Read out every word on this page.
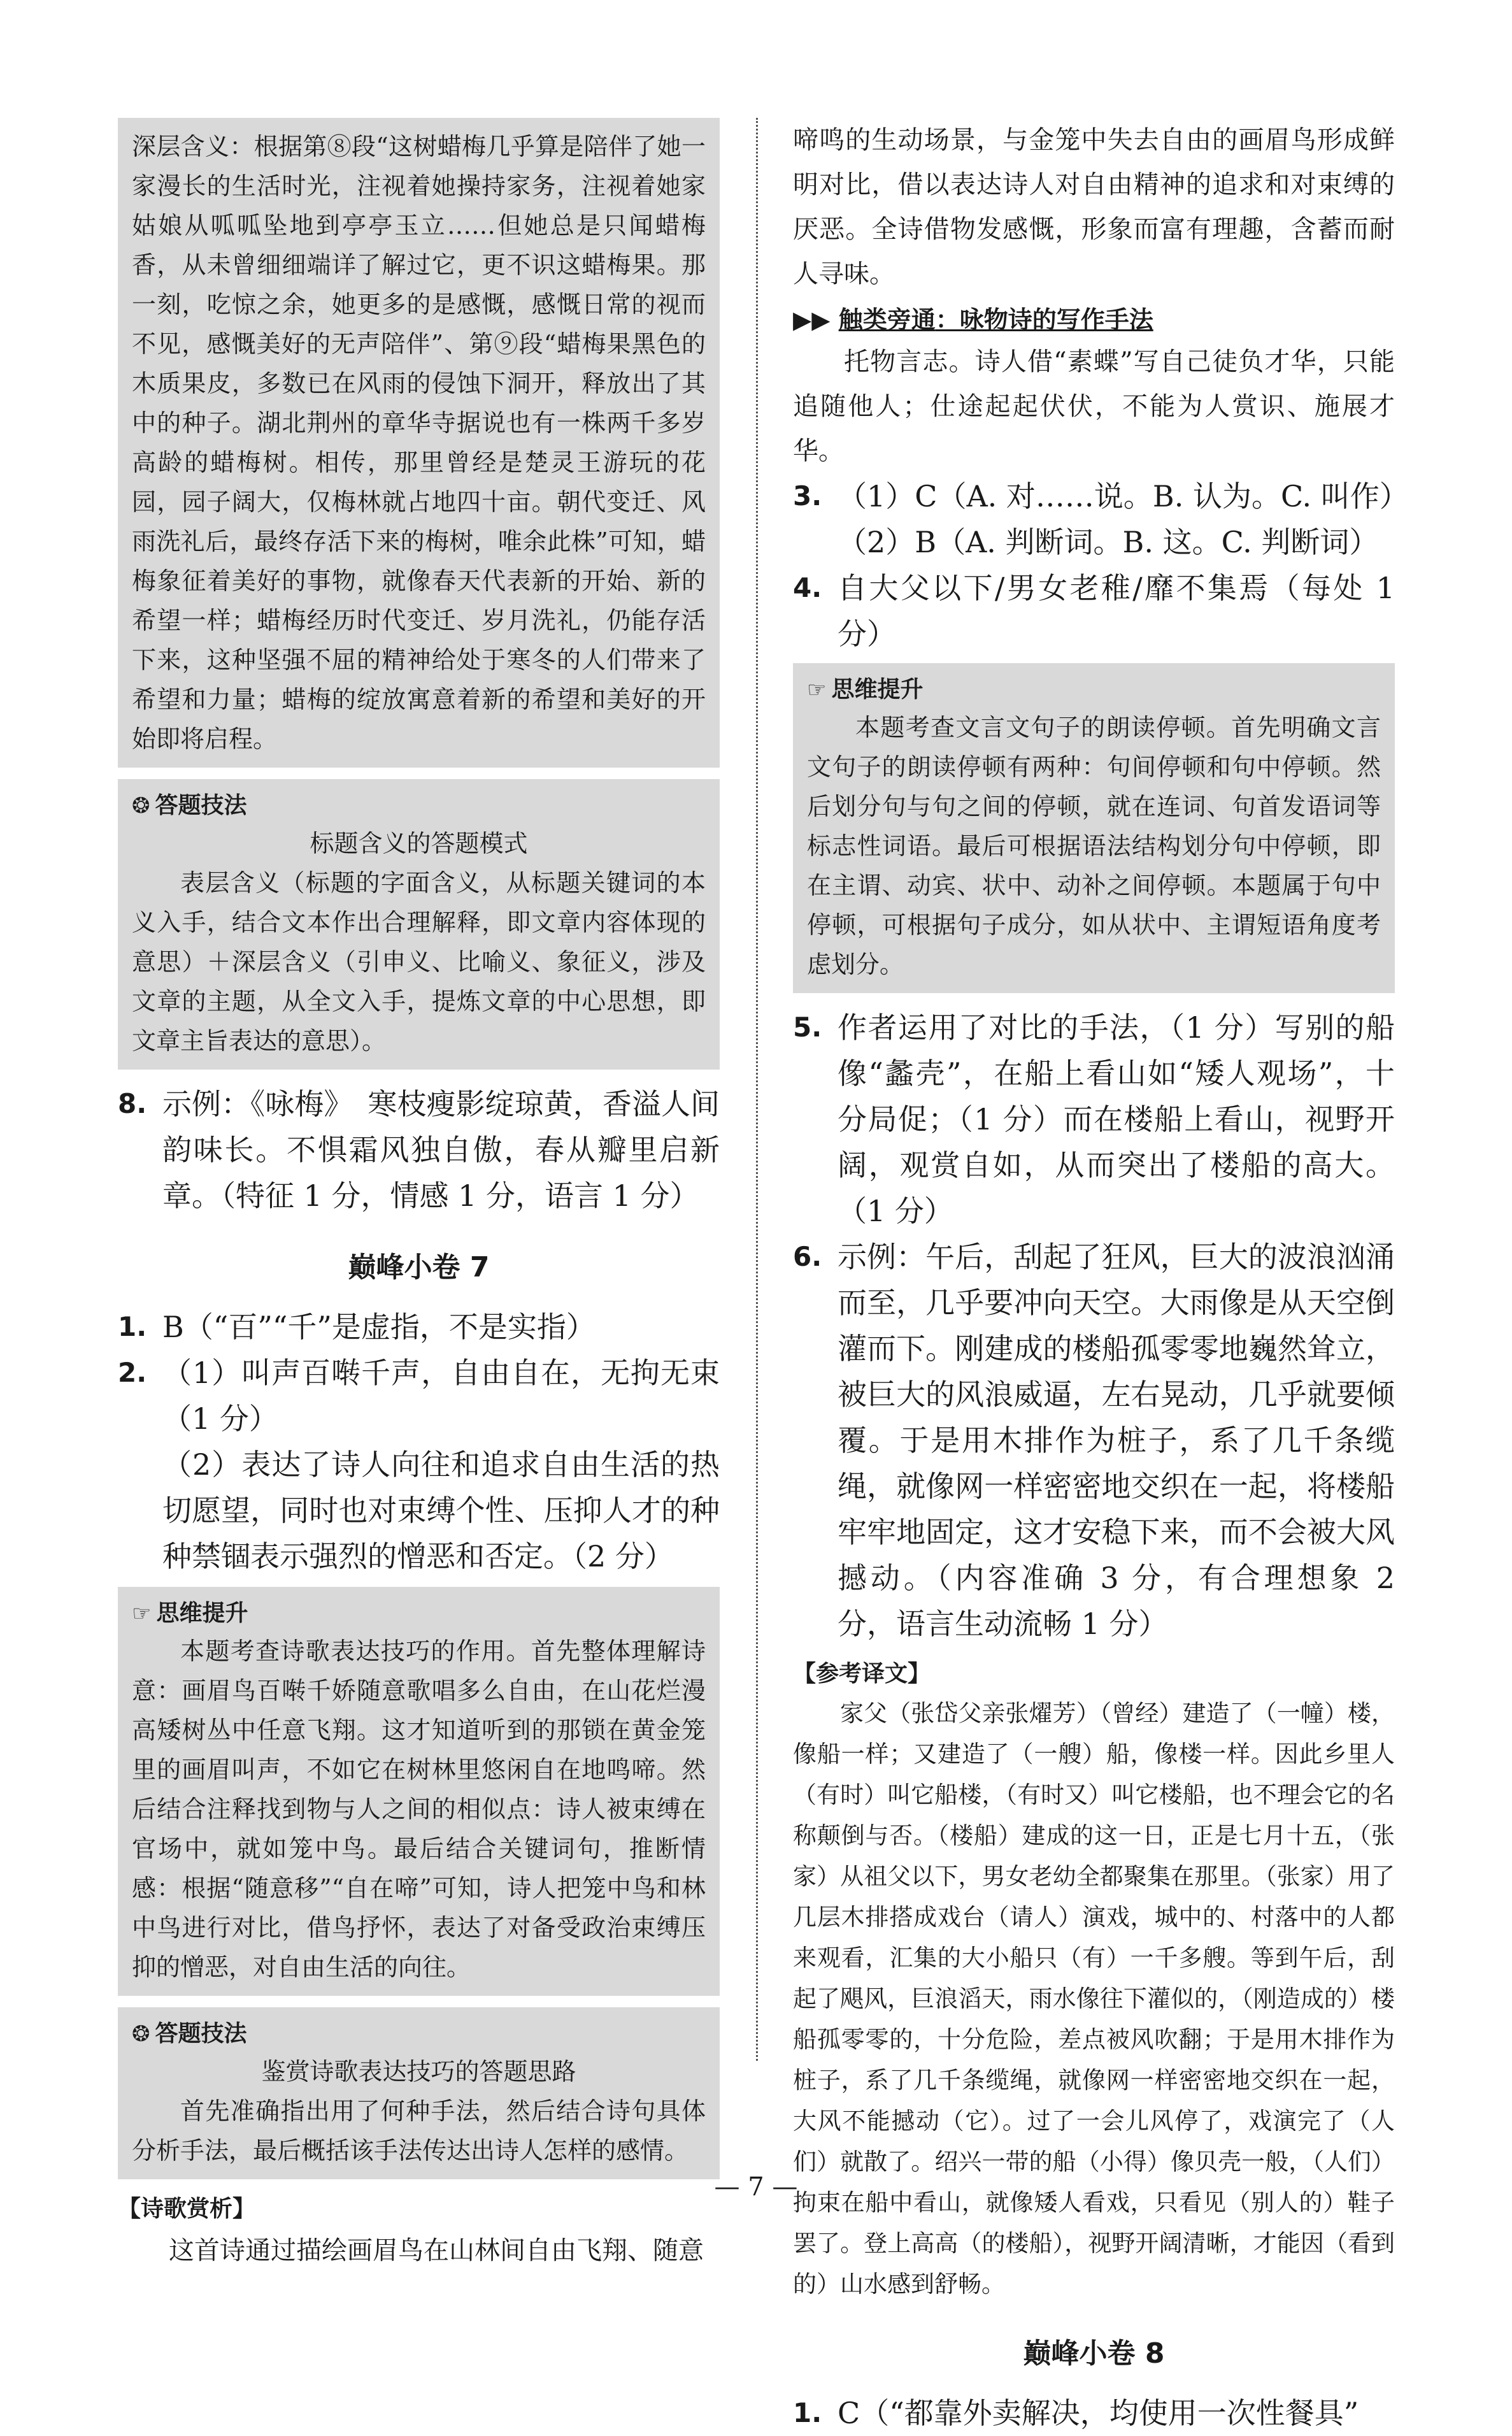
深层含义：根据第⑧段“这树蜡梅几乎算是陪伴了她一家漫长的生活时光，注视着她操持家务，注视着她家姑娘从呱呱坠地到亭亭玉立……但她总是只闻蜡梅香，从未曾细细端详了解过它，更不识这蜡梅果。那一刻，吃惊之余，她更多的是感慨，感慨日常的视而不见，感慨美好的无声陪伴”、第⑨段“蜡梅果黑色的木质果皮，多数已在风雨的侵蚀下洞开，释放出了其中的种子。湖北荆州的章华寺据说也有一株两千多岁高龄的蜡梅树。相传，那里曾经是楚灵王游玩的花园，园子阔大，仅梅林就占地四十亩。朝代变迁、风雨洗礼后，最终存活下来的梅树，唯余此株”可知，蜡梅象征着美好的事物，就像春天代表新的开始、新的希望一样；蜡梅经历时代变迁、岁月洗礼，仍能存活下来，这种坚强不屈的精神给处于寒冬的人们带来了希望和力量；蜡梅的绽放寓意着新的希望和美好的开始即将启程。

❂ 答题技法

标题含义的答题模式

表层含义（标题的字面含义，从标题关键词的本义入手，结合文本作出合理解释，即文章内容体现的意思）＋深层含义（引申义、比喻义、象征义，涉及文章的主题，从全文入手，提炼文章的中心思想，即文章主旨表达的意思）。

8. 示例：《咏梅》　寒枝瘦影绽琼黄，香溢人间韵味长。不惧霜风独自傲，春从瓣里启新章。（特征 1 分，情感 1 分，语言 1 分）
巅峰小卷 7
1. B（“百”“千”是虚指，不是实指）
2. （1）叫声百啭千声，自由自在，无拘无束（1 分）
（2）表达了诗人向往和追求自由生活的热切愿望，同时也对束缚个性、压抑人才的种种禁锢表示强烈的憎恶和否定。（2 分）
☞ 思维提升

本题考查诗歌表达技巧的作用。首先整体理解诗意：画眉鸟百啭千娇随意歌唱多么自由，在山花烂漫高矮树丛中任意飞翔。这才知道听到的那锁在黄金笼里的画眉叫声，不如它在树林里悠闲自在地鸣啼。然后结合注释找到物与人之间的相似点：诗人被束缚在官场中，就如笼中鸟。最后结合关键词句，推断情感：根据“随意移”“自在啼”可知，诗人把笼中鸟和林中鸟进行对比，借鸟抒怀，表达了对备受政治束缚压抑的憎恶，对自由生活的向往。

❂ 答题技法

鉴赏诗歌表达技巧的答题思路

首先准确指出用了何种手法，然后结合诗句具体分析手法，最后概括该手法传达出诗人怎样的感情。

【诗歌赏析】

这首诗通过描绘画眉鸟在山林间自由飞翔、随意

啼鸣的生动场景，与金笼中失去自由的画眉鸟形成鲜明对比，借以表达诗人对自由精神的追求和对束缚的厌恶。全诗借物发感慨，形象而富有理趣，含蓄而耐人寻味。

▶▶ 触类旁通：咏物诗的写作手法

托物言志。诗人借“素蝶”写自己徒负才华，只能追随他人；仕途起起伏伏，不能为人赏识、施展才华。

3. （1）C（A. 对……说。B. 认为。C. 叫作）
（2）B（A. 判断词。B. 这。C. 判断词）
4. 自大父以下/男女老稚/靡不集焉（每处 1 分）
☞ 思维提升

本题考查文言文句子的朗读停顿。首先明确文言文句子的朗读停顿有两种：句间停顿和句中停顿。然后划分句与句之间的停顿，就在连词、句首发语词等标志性词语。最后可根据语法结构划分句中停顿，即在主谓、动宾、状中、动补之间停顿。本题属于句中停顿，可根据句子成分，如从状中、主谓短语角度考虑划分。

5. 作者运用了对比的手法，（1 分）写别的船像“蠡壳”，在船上看山如“矮人观场”，十分局促；（1 分）而在楼船上看山，视野开阔，观赏自如，从而突出了楼船的高大。（1 分）
6. 示例：午后，刮起了狂风，巨大的波浪汹涌而至，几乎要冲向天空。大雨像是从天空倒灌而下。刚建成的楼船孤零零地巍然耸立，被巨大的风浪威逼，左右晃动，几乎就要倾覆。于是用木排作为桩子，系了几千条缆绳，就像网一样密密地交织在一起，将楼船牢牢地固定，这才安稳下来，而不会被大风撼动。（内容准确 3 分，有合理想象 2 分，语言生动流畅 1 分）
【参考译文】

家父（张岱父亲张燿芳）（曾经）建造了（一幢）楼，像船一样；又建造了（一艘）船，像楼一样。因此乡里人（有时）叫它船楼，（有时又）叫它楼船，也不理会它的名称颠倒与否。（楼船）建成的这一日，正是七月十五，（张家）从祖父以下，男女老幼全都聚集在那里。（张家）用了几层木排搭成戏台（请人）演戏，城中的、村落中的人都来观看，汇集的大小船只（有）一千多艘。等到午后，刮起了飓风，巨浪滔天，雨水像往下灌似的，（刚造成的）楼船孤零零的，十分危险，差点被风吹翻；于是用木排作为桩子，系了几千条缆绳，就像网一样密密地交织在一起，大风不能撼动（它）。过了一会儿风停了，戏演完了（人们）就散了。绍兴一带的船（小得）像贝壳一般，（人们）拘束在船中看山，就像矮人看戏，只看见（别人的）鞋子罢了。登上高高（的楼船），视野开阔清晰，才能因（看到的）山水感到舒畅。

巅峰小卷 8
1. C（“都靠外卖解决，均使用一次性餐具”
— 7 —
